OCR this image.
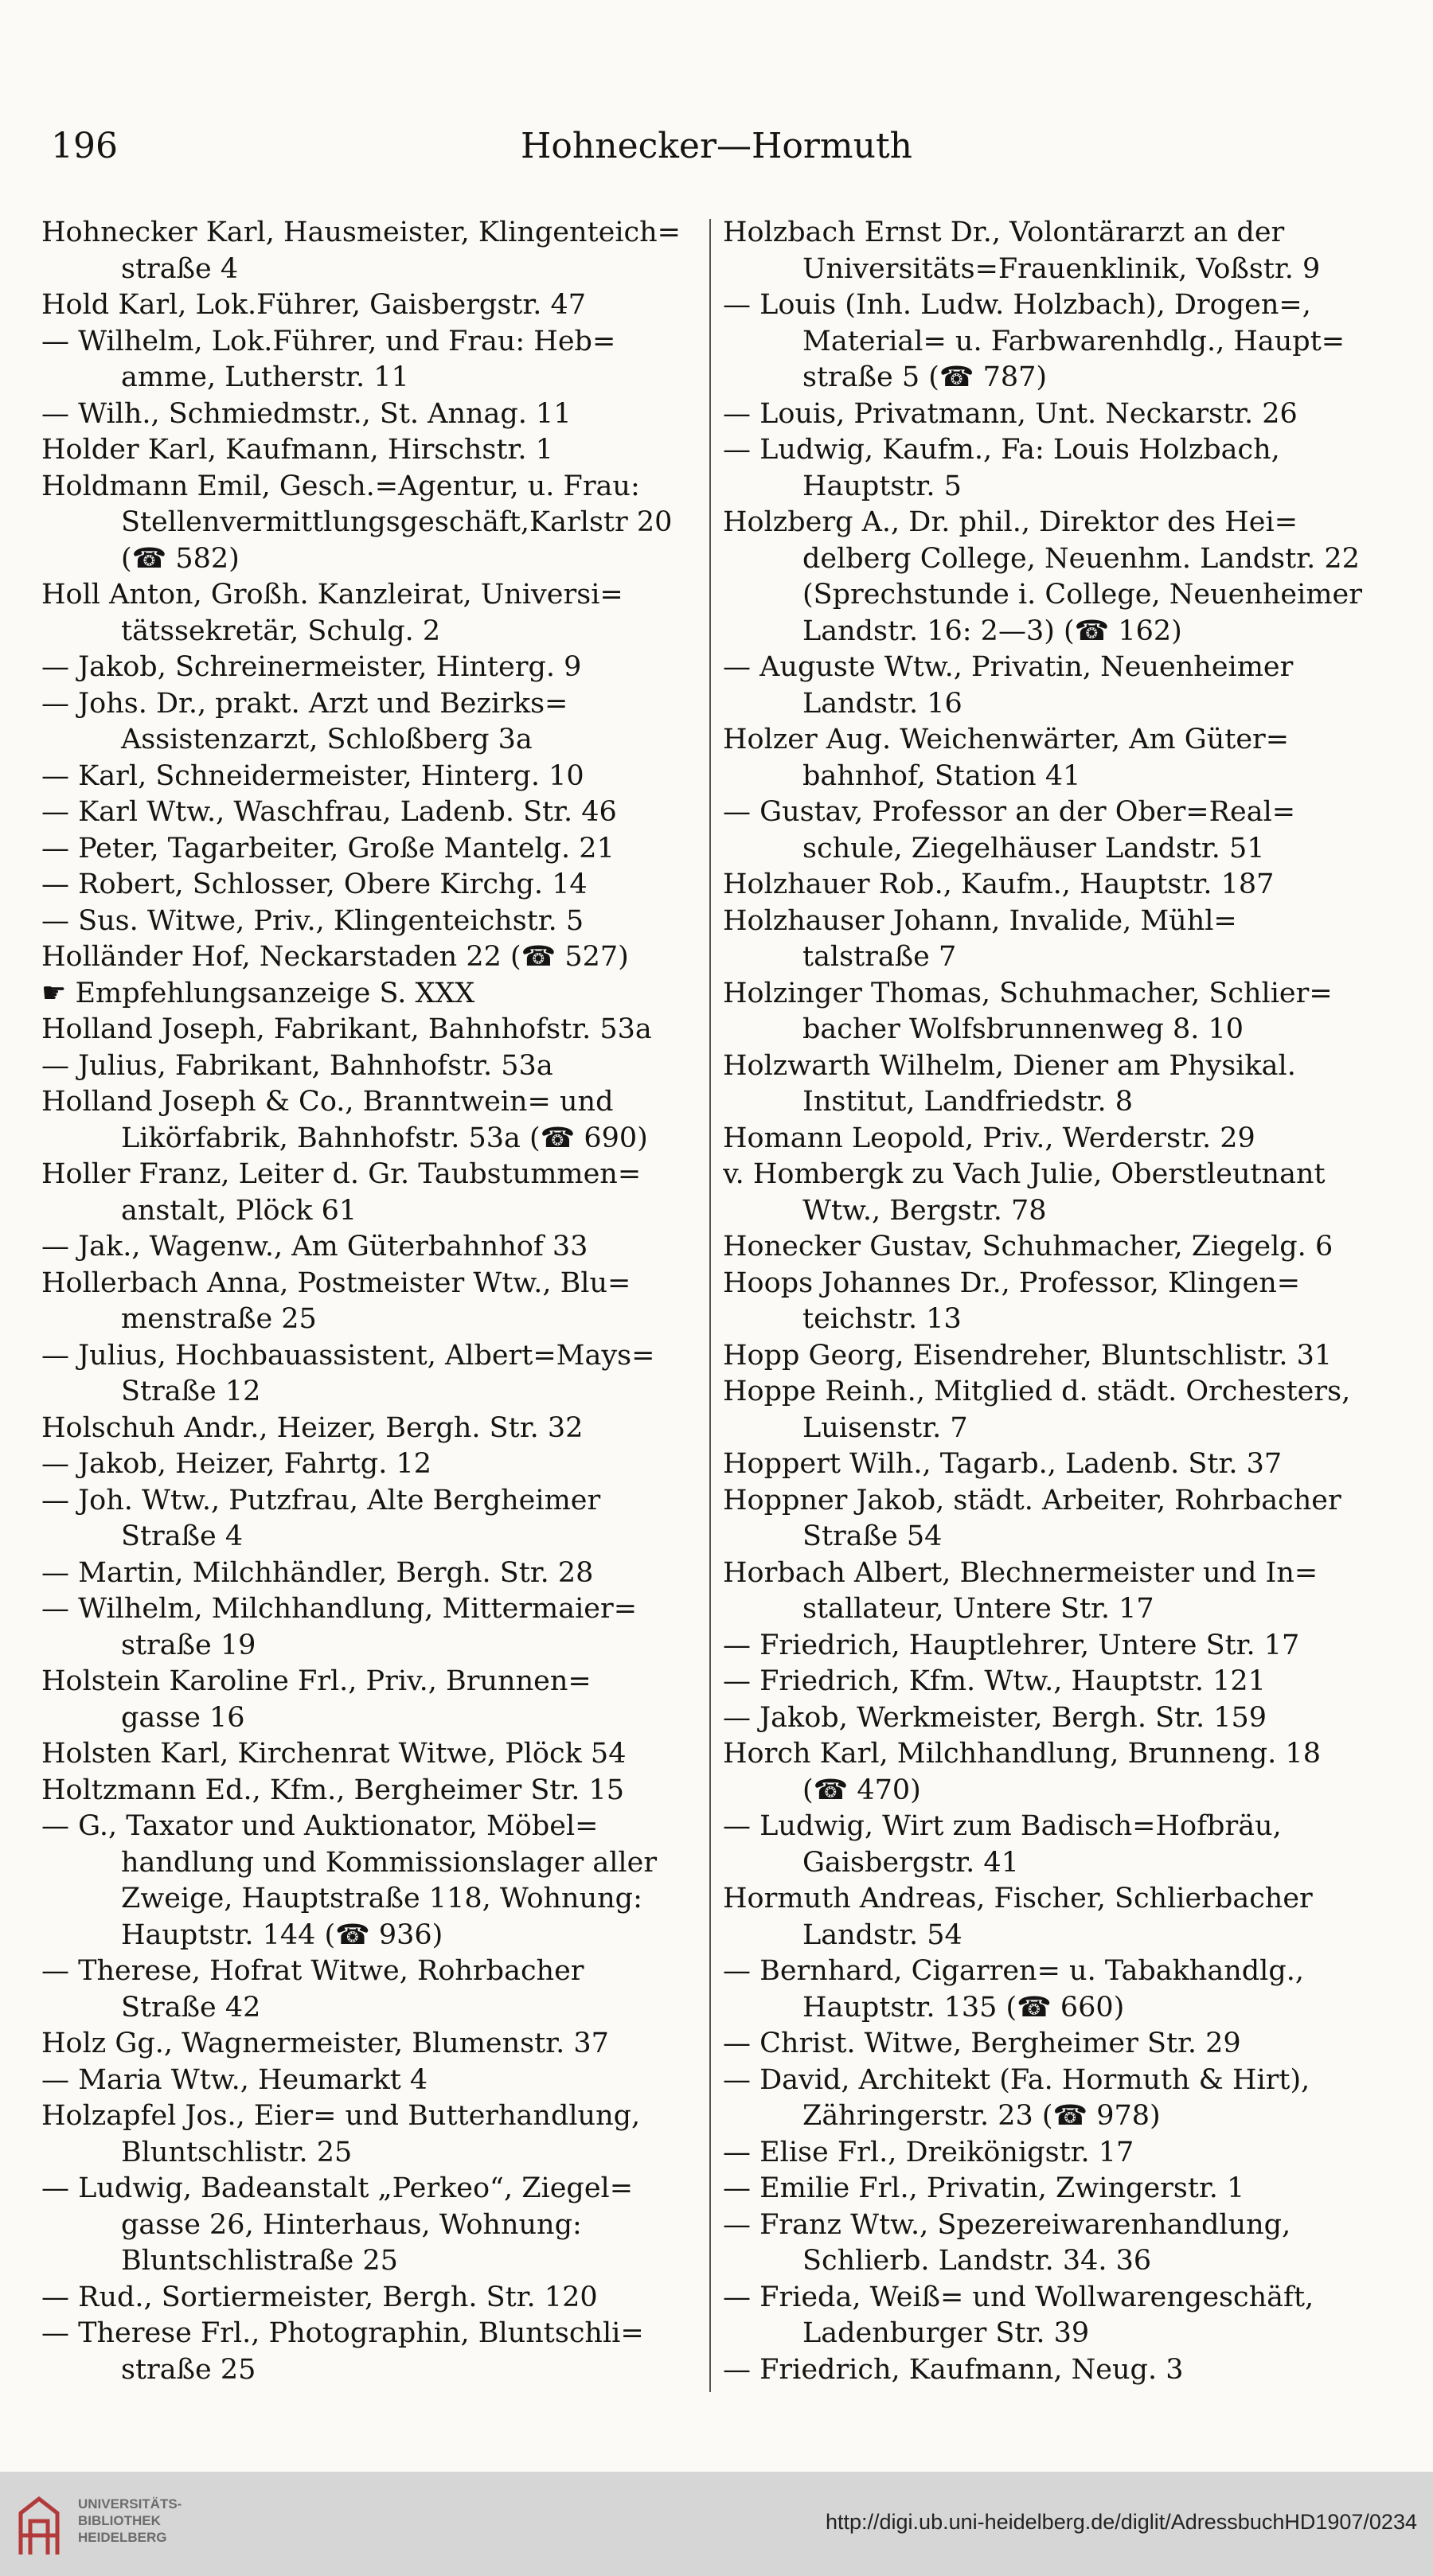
196	Hohnecker—Hormuth
Hohnecker Karl, Hausmeister, Klingenteich=
straße 4
Hold Karl, Lok.Führer, Gaisbergstr. 47
— Wilhelm, Lok.Führer, und Frau: Heb=
amme, Lutherstr. 11
— Wilh., Schmiedmstr., St. Annag. 11
Holder Karl, Kaufmann, Hirschstr. 1
Holdmann Emil, Gesch.=Agentur, u. Frau:
Stellenvermittlungsgeschäft,Karlstr 20
(☎ 582)
Holl Anton, Großh. Kanzleirat, Universi=
tätssekretär, Schulg. 2
— Jakob, Schreinermeister, Hinterg. 9
— Johs. Dr., prakt. Arzt und Bezirks=
Assistenzarzt, Schloßberg 3a
— Karl, Schneidermeister, Hinterg. 10
— Karl Wtw., Waschfrau, Ladenb. Str. 46
— Peter, Tagarbeiter, Große Mantelg. 21
— Robert, Schlosser, Obere Kirchg. 14
— Sus. Witwe, Priv., Klingenteichstr. 5
Holländer Hof, Neckarstaden 22 (☎ 527)
☛ Empfehlungsanzeige S. XXX
Holland Joseph, Fabrikant, Bahnhofstr. 53a
— Julius, Fabrikant, Bahnhofstr. 53a
Holland Joseph & Co., Branntwein= und
Likörfabrik, Bahnhofstr. 53a (☎ 690)
Holler Franz, Leiter d. Gr. Taubstummen=
anstalt, Plöck 61
— Jak., Wagenw., Am Güterbahnhof 33
Hollerbach Anna, Postmeister Wtw., Blu=
menstraße 25
— Julius, Hochbauassistent, Albert=Mays=
Straße 12
Holschuh Andr., Heizer, Bergh. Str. 32
— Jakob, Heizer, Fahrtg. 12
— Joh. Wtw., Putzfrau, Alte Bergheimer
Straße 4
— Martin, Milchhändler, Bergh. Str. 28
— Wilhelm, Milchhandlung, Mittermaier=
straße 19
Holstein Karoline Frl., Priv., Brunnen=
gasse 16
Holsten Karl, Kirchenrat Witwe, Plöck 54
Holtzmann Ed., Kfm., Bergheimer Str. 15
— G., Taxator und Auktionator, Möbel=
handlung und Kommissionslager aller
Zweige, Hauptstraße 118, Wohnung:
Hauptstr. 144 (☎ 936)
— Therese, Hofrat Witwe, Rohrbacher
Straße 42
Holz Gg., Wagnermeister, Blumenstr. 37
— Maria Wtw., Heumarkt 4
Holzapfel Jos., Eier= und Butterhandlung,
Bluntschlistr. 25
— Ludwig, Badeanstalt „Perkeo“, Ziegel=
gasse 26, Hinterhaus, Wohnung:
Bluntschlistraße 25
— Rud., Sortiermeister, Bergh. Str. 120
— Therese Frl., Photographin, Bluntschli=
straße 25
Holzbach Ernst Dr., Volontärarzt an der
Universitäts=Frauenklinik, Voßstr. 9
— Louis (Inh. Ludw. Holzbach), Drogen=,
Material= u. Farbwarenhdlg., Haupt=
straße 5 (☎ 787)
— Louis, Privatmann, Unt. Neckarstr. 26
— Ludwig, Kaufm., Fa: Louis Holzbach,
Hauptstr. 5
Holzberg A., Dr. phil., Direktor des Hei=
delberg College, Neuenhm. Landstr. 22
(Sprechstunde i. College, Neuenheimer
Landstr. 16: 2—3) (☎ 162)
— Auguste Wtw., Privatin, Neuenheimer
Landstr. 16
Holzer Aug. Weichenwärter, Am Güter=
bahnhof, Station 41
— Gustav, Professor an der Ober=Real=
schule, Ziegelhäuser Landstr. 51
Holzhauer Rob., Kaufm., Hauptstr. 187
Holzhauser Johann, Invalide, Mühl=
talstraße 7
Holzinger Thomas, Schuhmacher, Schlier=
bacher Wolfsbrunnenweg 8. 10
Holzwarth Wilhelm, Diener am Physikal.
Institut, Landfriedstr. 8
Homann Leopold, Priv., Werderstr. 29
v. Hombergk zu Vach Julie, Oberstleutnant
Wtw., Bergstr. 78
Honecker Gustav, Schuhmacher, Ziegelg. 6
Hoops Johannes Dr., Professor, Klingen=
teichstr. 13
Hopp Georg, Eisendreher, Bluntschlistr. 31
Hoppe Reinh., Mitglied d. städt. Orchesters,
Luisenstr. 7
Hoppert Wilh., Tagarb., Ladenb. Str. 37
Hoppner Jakob, städt. Arbeiter, Rohrbacher
Straße 54
Horbach Albert, Blechnermeister und In=
stallateur, Untere Str. 17
— Friedrich, Hauptlehrer, Untere Str. 17
— Friedrich, Kfm. Wtw., Hauptstr. 121
— Jakob, Werkmeister, Bergh. Str. 159
Horch Karl, Milchhandlung, Brunneng. 18
(☎ 470)
— Ludwig, Wirt zum Badisch=Hofbräu,
Gaisbergstr. 41
Hormuth Andreas, Fischer, Schlierbacher
Landstr. 54
— Bernhard, Cigarren= u. Tabakhandlg.,
Hauptstr. 135 (☎ 660)
— Christ. Witwe, Bergheimer Str. 29
— David, Architekt (Fa. Hormuth & Hirt),
Zähringerstr. 23 (☎ 978)
— Elise Frl., Dreikönigstr. 17
— Emilie Frl., Privatin, Zwingerstr. 1
— Franz Wtw., Spezereiwarenhandlung,
Schlierb. Landstr. 34. 36
— Frieda, Weiß= und Wollwarengeschäft,
Ladenburger Str. 39
— Friedrich, Kaufmann, Neug. 3
UNIVERSITÄTS-
BIBLIOTHEK
HEIDELBERG
http://digi.ub.uni-heidelberg.de/diglit/AdressbuchHD1907/0234
